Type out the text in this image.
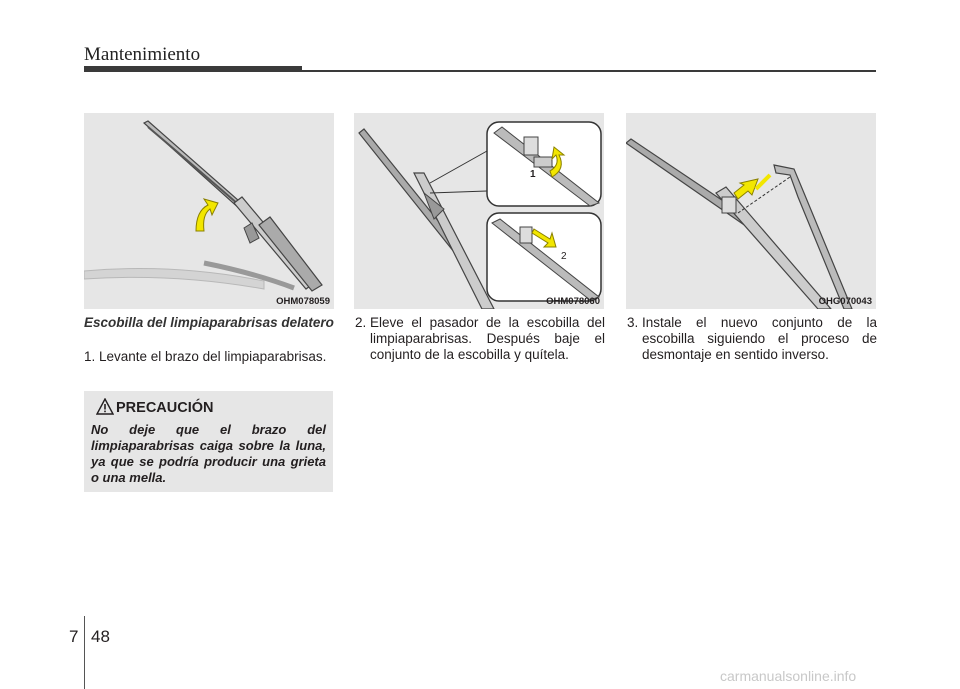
Mantenimiento
OHM078059
1
2
OHM078060	OHG070043
Escobilla del limpiaparabrisas delatero
1. Levante el brazo del limpiaparabrisas.
2. Eleve el pasador de la escobilla del limpiaparabrisas. Después baje el conjunto de la escobilla y quítela.
3. Instale el nuevo conjunto de la escobilla siguiendo el proceso de desmontaje en sentido inverso.
PRECAUCIÓN
No deje que el brazo del limpiaparabrisas caiga sobre la luna, ya que se podría producir una grieta o una mella.
7 48
carmanualsonline.info
